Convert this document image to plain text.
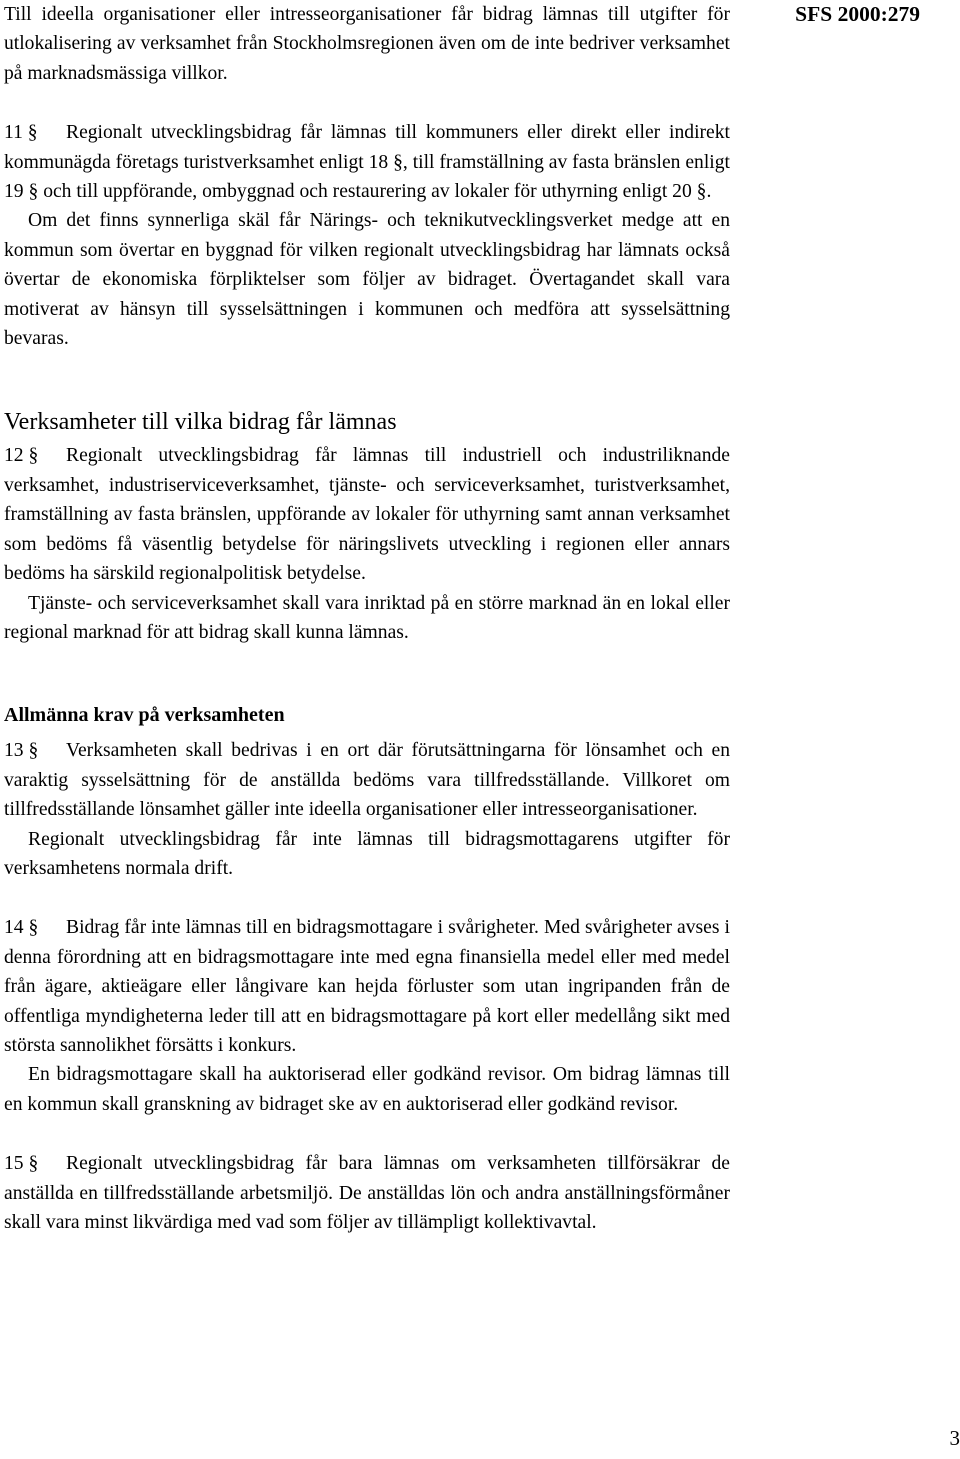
SFS 2000:279

Till ideella organisationer eller intresseorganisationer får bidrag lämnas till utgifter för utlokalisering av verksamhet från Stockholmsregionen även om de inte bedriver verksamhet på marknadsmässiga villkor.

11 § Regionalt utvecklingsbidrag får lämnas till kommuners eller direkt eller indirekt kommunägda företags turistverksamhet enligt 18 §, till framställning av fasta bränslen enligt 19 § och till uppförande, ombyggnad och restaurering av lokaler för uthyrning enligt 20 §.

Om det finns synnerliga skäl får Närings- och teknikutvecklingsverket medge att en kommun som övertar en byggnad för vilken regionalt utvecklingsbidrag har lämnats också övertar de ekonomiska förpliktelser som följer av bidraget. Övertagandet skall vara motiverat av hänsyn till sysselsättningen i kommunen och medföra att sysselsättning bevaras.

Verksamheter till vilka bidrag får lämnas

12 § Regionalt utvecklingsbidrag får lämnas till industriell och industriliknande verksamhet, industriserviceverksamhet, tjänste- och serviceverksamhet, turistverksamhet, framställning av fasta bränslen, uppförande av lokaler för uthyrning samt annan verksamhet som bedöms få väsentlig betydelse för näringslivets utveckling i regionen eller annars bedöms ha särskild regionalpolitisk betydelse.

Tjänste- och serviceverksamhet skall vara inriktad på en större marknad än en lokal eller regional marknad för att bidrag skall kunna lämnas.

Allmänna krav på verksamheten

13 § Verksamheten skall bedrivas i en ort där förutsättningarna för lönsamhet och en varaktig sysselsättning för de anställda bedöms vara tillfredsställande. Villkoret om tillfredsställande lönsamhet gäller inte ideella organisationer eller intresseorganisationer.

Regionalt utvecklingsbidrag får inte lämnas till bidragsmottagarens utgifter för verksamhetens normala drift.

14 § Bidrag får inte lämnas till en bidragsmottagare i svårigheter. Med svårigheter avses i denna förordning att en bidragsmottagare inte med egna finansiella medel eller med medel från ägare, aktieägare eller långivare kan hejda förluster som utan ingripanden från de offentliga myndigheterna leder till att en bidragsmottagare på kort eller medellång sikt med största sannolikhet försätts i konkurs.

En bidragsmottagare skall ha auktoriserad eller godkänd revisor. Om bidrag lämnas till en kommun skall granskning av bidraget ske av en auktoriserad eller godkänd revisor.

15 § Regionalt utvecklingsbidrag får bara lämnas om verksamheten tillförsäkrar de anställda en tillfredsställande arbetsmiljö. De anställdas lön och andra anställningsförmåner skall vara minst likvärdiga med vad som följer av tillämpligt kollektivavtal.

3
